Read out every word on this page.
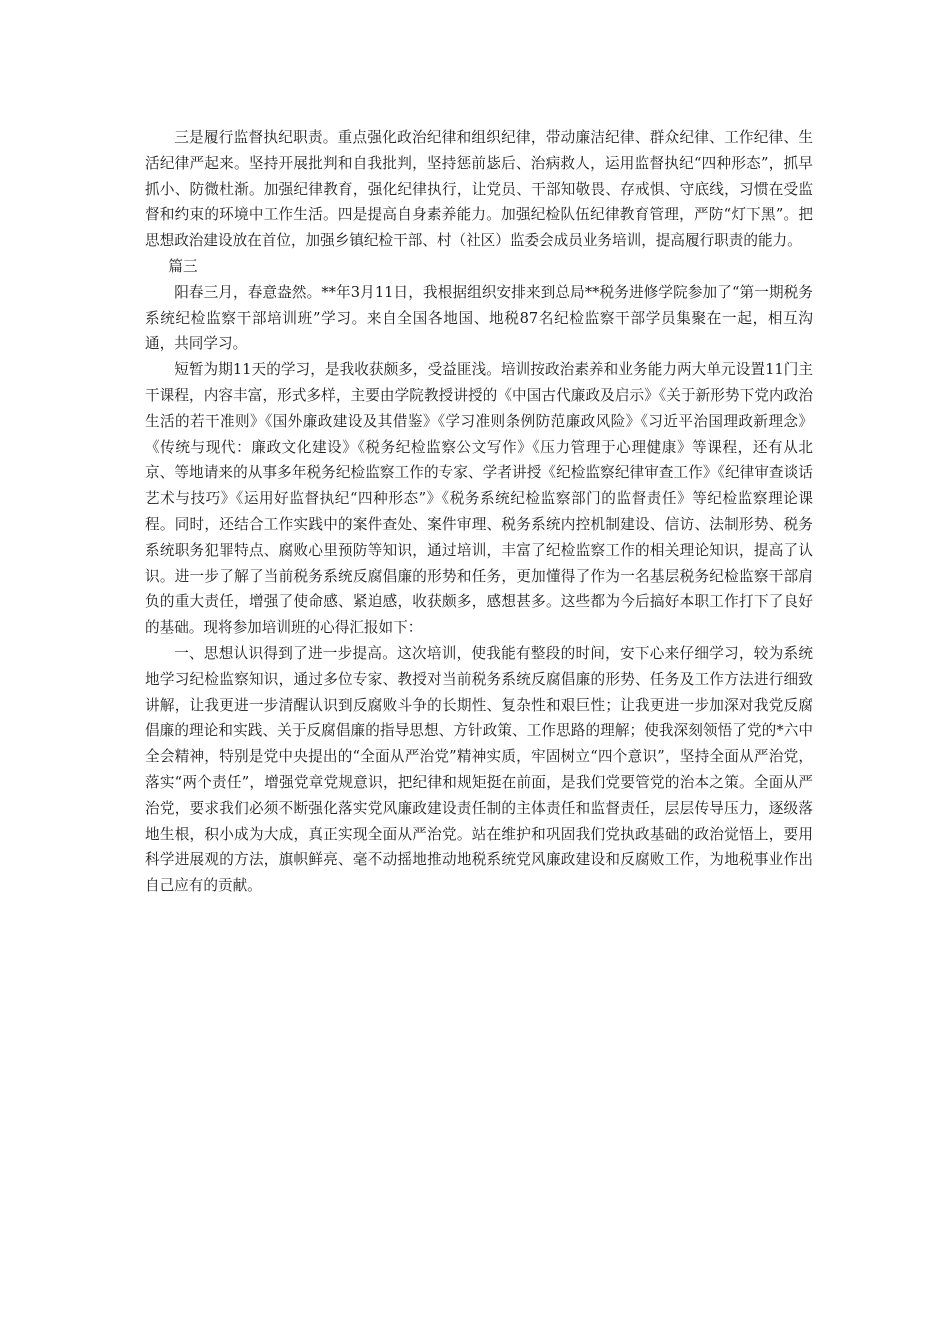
三是履行监督执纪职责。重点强化政治纪律和组织纪律，带动廉洁纪律、群众纪律、工作纪律、生活纪律严起来。坚持开展批判和自我批判，坚持惩前毖后、治病救人，运用监督执纪“四种形态”，抓早抓小、防微杜渐。加强纪律教育，强化纪律执行，让党员、干部知敬畏、存戒惧、守底线，习惯在受监督和约束的环境中工作生活。四是提高自身素养能力。加强纪检队伍纪律教育管理，严防“灯下黑”。把思想政治建设放在首位，加强乡镇纪检干部、村（社区）监委会成员业务培训，提高履行职责的能力。

篇三

阳春三月，春意盎然。**年3月11日，我根据组织安排来到总局**税务进修学院参加了“第一期税务系统纪检监察干部培训班”学习。来自全国各地国、地税87名纪检监察干部学员集聚在一起，相互沟通，共同学习。

短暂为期11天的学习，是我收获颇多，受益匪浅。培训按政治素养和业务能力两大单元设置11门主干课程，内容丰富，形式多样，主要由学院教授讲授的《中国古代廉政及启示》《关于新形势下党内政治生活的若干准则》《国外廉政建设及其借鉴》《学习准则条例防范廉政风险》《习近平治国理政新理念》《传统与现代：廉政文化建设》《税务纪检监察公文写作》《压力管理于心理健康》等课程，还有从北京、等地请来的从事多年税务纪检监察工作的专家、学者讲授《纪检监察纪律审查工作》《纪律审查谈话艺术与技巧》《运用好监督执纪“四种形态”》《税务系统纪检监察部门的监督责任》等纪检监察理论课程。同时，还结合工作实践中的案件查处、案件审理、税务系统内控机制建设、信访、法制形势、税务系统职务犯罪特点、腐败心里预防等知识，通过培训，丰富了纪检监察工作的相关理论知识，提高了认识。进一步了解了当前税务系统反腐倡廉的形势和任务，更加懂得了作为一名基层税务纪检监察干部肩负的重大责任，增强了使命感、紧迫感，收获颇多，感想甚多。这些都为今后搞好本职工作打下了良好的基础。现将参加培训班的心得汇报如下：

一、思想认识得到了进一步提高。这次培训，使我能有整段的时间，安下心来仔细学习，较为系统地学习纪检监察知识，通过多位专家、教授对当前税务系统反腐倡廉的形势、任务及工作方法进行细致讲解，让我更进一步清醒认识到反腐败斗争的长期性、复杂性和艰巨性；让我更进一步加深对我党反腐倡廉的理论和实践、关于反腐倡廉的指导思想、方针政策、工作思路的理解；使我深刻领悟了党的*六中全会精神，特别是党中央提出的“全面从严治党”精神实质，牢固树立“四个意识”，坚持全面从严治党，落实“两个责任”，增强党章党规意识，把纪律和规矩挺在前面，是我们党要管党的治本之策。全面从严治党，要求我们必须不断强化落实党风廉政建设责任制的主体责任和监督责任，层层传导压力，逐级落地生根，积小成为大成，真正实现全面从严治党。站在维护和巩固我们党执政基础的政治觉悟上，要用科学进展观的方法，旗帜鲜亮、毫不动摇地推动地税系统党风廉政建设和反腐败工作，为地税事业作出自己应有的贡献。
